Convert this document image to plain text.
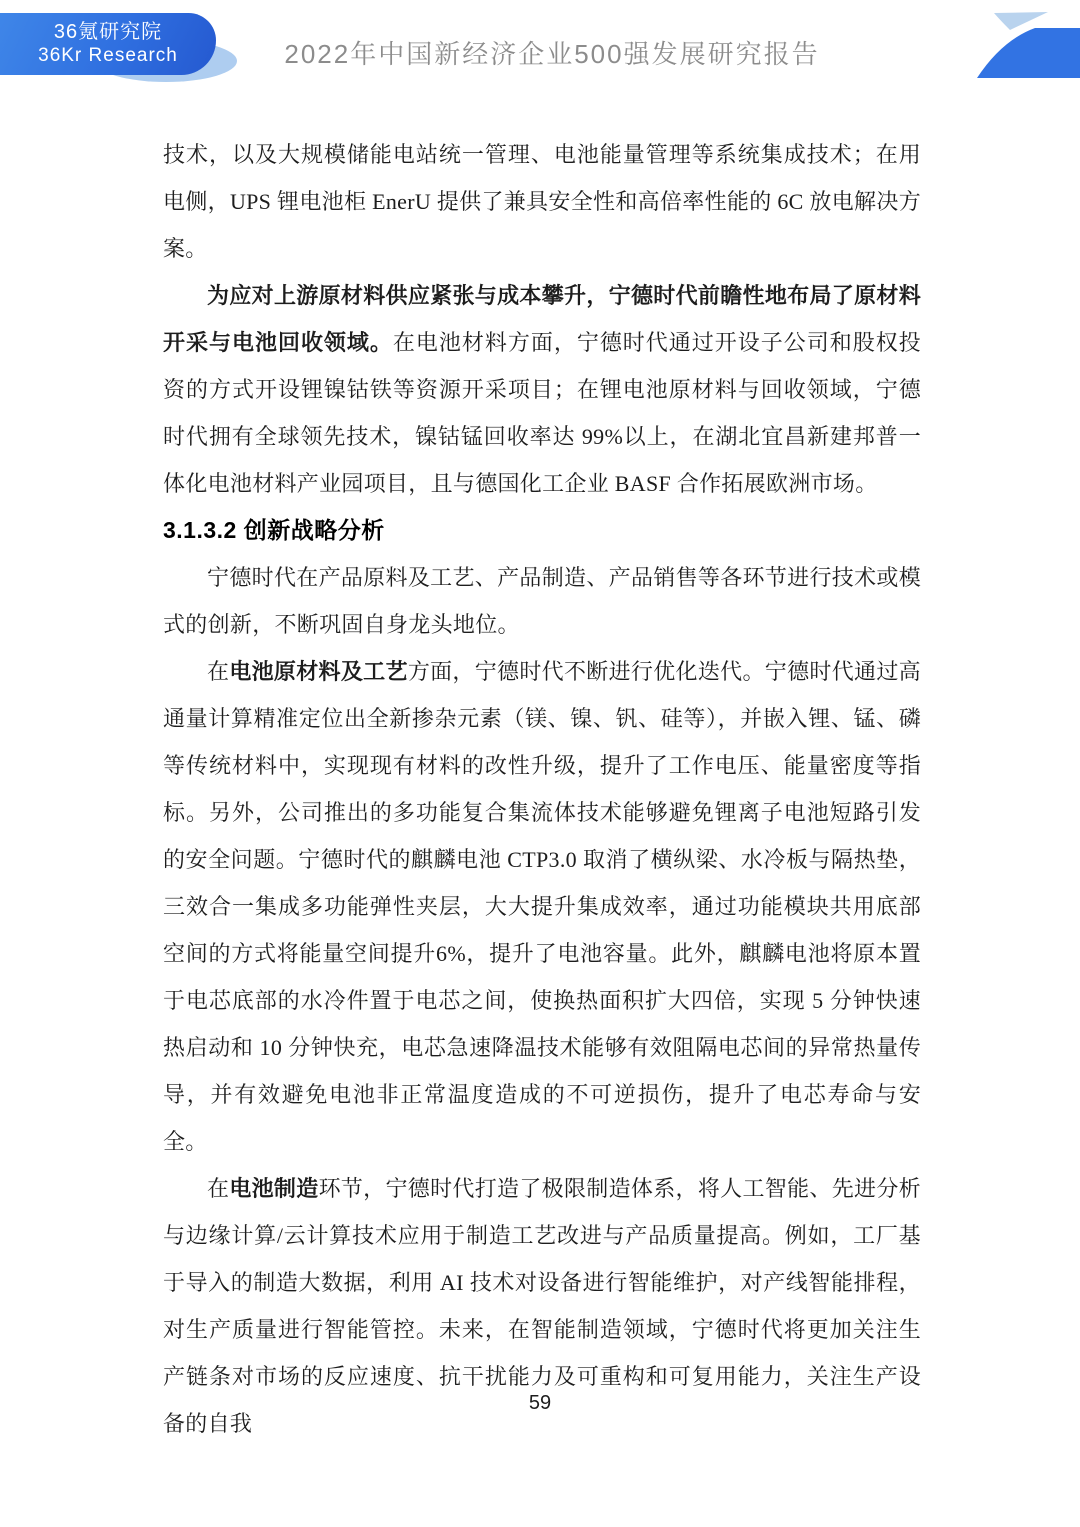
2022年中国新经济企业500强发展研究报告
36氪研究院
36Kr Research

技术，以及大规模储能电站统一管理、电池能量管理等系统集成技术；在用电侧，UPS 锂电池柜 EnerU 提供了兼具安全性和高倍率性能的 6C 放电解决方案。

为应对上游原材料供应紧张与成本攀升，宁德时代前瞻性地布局了原材料开采与电池回收领域。在电池材料方面，宁德时代通过开设子公司和股权投资的方式开设锂镍钴铁等资源开采项目；在锂电池原材料与回收领域，宁德时代拥有全球领先技术，镍钴锰回收率达 99%以上，在湖北宜昌新建邦普一体化电池材料产业园项目，且与德国化工企业 BASF 合作拓展欧洲市场。

3.1.3.2 创新战略分析

宁德时代在产品原料及工艺、产品制造、产品销售等各环节进行技术或模式的创新，不断巩固自身龙头地位。

在电池原材料及工艺方面，宁德时代不断进行优化迭代。宁德时代通过高通量计算精准定位出全新掺杂元素（镁、镍、钒、硅等），并嵌入锂、锰、磷等传统材料中，实现现有材料的改性升级，提升了工作电压、能量密度等指标。另外，公司推出的多功能复合集流体技术能够避免锂离子电池短路引发的安全问题。宁德时代的麒麟电池 CTP3.0 取消了横纵梁、水冷板与隔热垫，三效合一集成多功能弹性夹层，大大提升集成效率，通过功能模块共用底部空间的方式将能量空间提升6%，提升了电池容量。此外，麒麟电池将原本置于电芯底部的水冷件置于电芯之间，使换热面积扩大四倍，实现 5 分钟快速热启动和 10 分钟快充，电芯急速降温技术能够有效阻隔电芯间的异常热量传导，并有效避免电池非正常温度造成的不可逆损伤，提升了电芯寿命与安全。

在电池制造环节，宁德时代打造了极限制造体系，将人工智能、先进分析与边缘计算/云计算技术应用于制造工艺改进与产品质量提高。例如，工厂基于导入的制造大数据，利用 AI 技术对设备进行智能维护，对产线智能排程，对生产质量进行智能管控。未来，在智能制造领域，宁德时代将更加关注生产链条对市场的反应速度、抗干扰能力及可重构和可复用能力，关注生产设备的自我

59
